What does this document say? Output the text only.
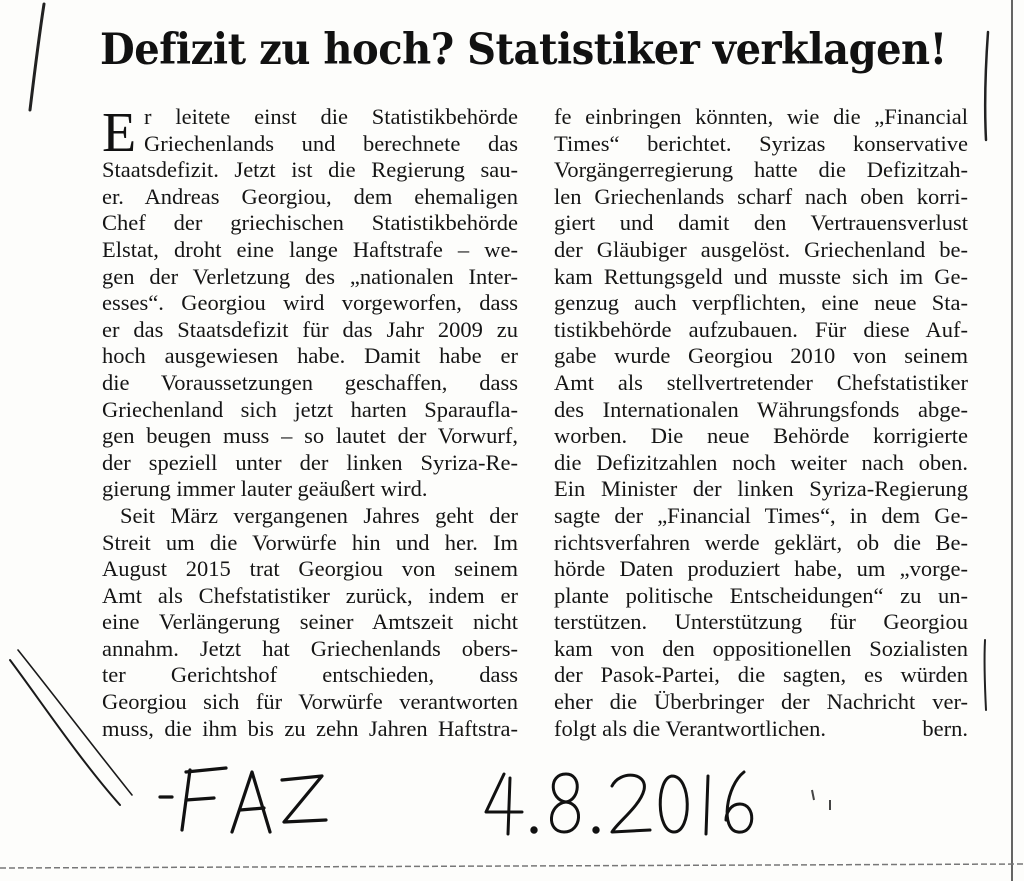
Defizit zu hoch? Statistiker verklagen!
E r leitete einst die Statistikbehörde
Griechenlands und berechnete das
Staatsdefizit. Jetzt ist die Regierung sau-
er. Andreas Georgiou, dem ehemaligen
Chef der griechischen Statistikbehörde
Elstat, droht eine lange Haftstrafe – we-
gen der Verletzung des „nationalen Inter-
esses“. Georgiou wird vorgeworfen, dass
er das Staatsdefizit für das Jahr 2009 zu
hoch ausgewiesen habe. Damit habe er
die Voraussetzungen geschaffen, dass
Griechenland sich jetzt harten Sparaufla-
gen beugen muss – so lautet der Vorwurf,
der speziell unter der linken Syriza-Re-
gierung immer lauter geäußert wird.
Seit März vergangenen Jahres geht der
Streit um die Vorwürfe hin und her. Im
August 2015 trat Georgiou von seinem
Amt als Chefstatistiker zurück, indem er
eine Verlängerung seiner Amtszeit nicht
annahm. Jetzt hat Griechenlands obers-
ter Gerichtshof entschieden, dass
Georgiou sich für Vorwürfe verantworten
muss, die ihm bis zu zehn Jahren Haftstra-
fe einbringen könnten, wie die „Financial
Times“ berichtet. Syrizas konservative
Vorgängerregierung hatte die Defizitzah-
len Griechenlands scharf nach oben korri-
giert und damit den Vertrauensverlust
der Gläubiger ausgelöst. Griechenland be-
kam Rettungsgeld und musste sich im Ge-
genzug auch verpflichten, eine neue Sta-
tistikbehörde aufzubauen. Für diese Auf-
gabe wurde Georgiou 2010 von seinem
Amt als stellvertretender Chefstatistiker
des Internationalen Währungsfonds abge-
worben. Die neue Behörde korrigierte
die Defizitzahlen noch weiter nach oben.
Ein Minister der linken Syriza-Regierung
sagte der „Financial Times“, in dem Ge-
richtsverfahren werde geklärt, ob die Be-
hörde Daten produziert habe, um „vorge-
plante politische Entscheidungen“ zu un-
terstützen. Unterstützung für Georgiou
kam von den oppositionellen Sozialisten
der Pasok-Partei, die sagten, es würden
eher die Überbringer der Nachricht ver-
folgt als die Verantwortlichen.	bern.
